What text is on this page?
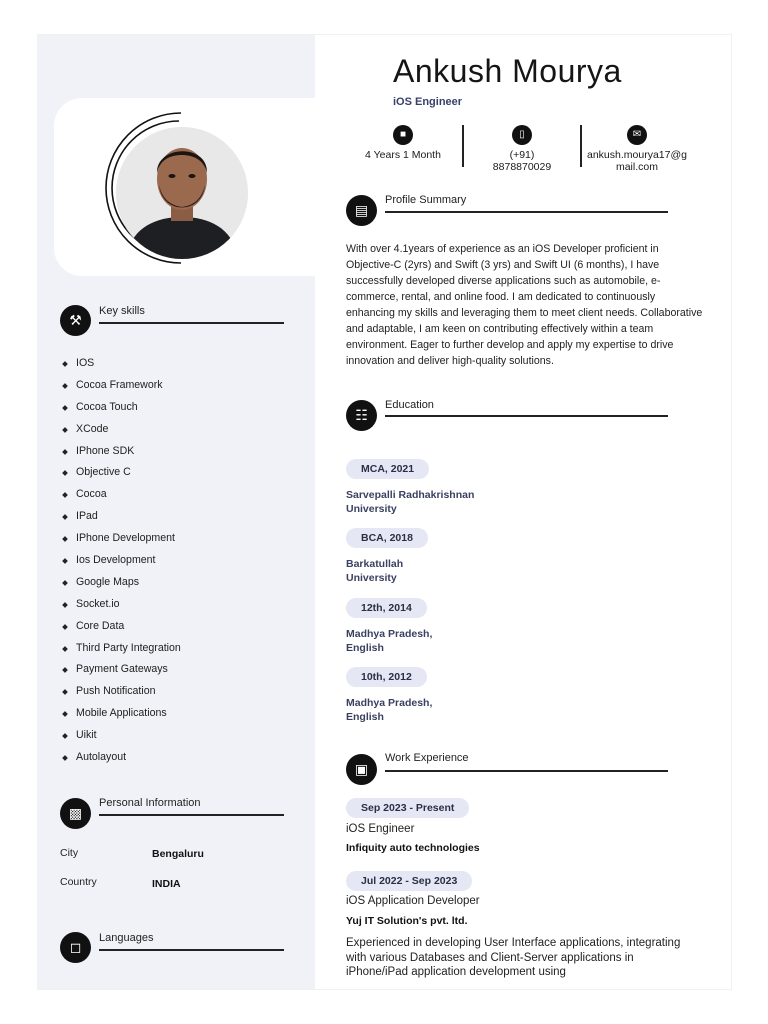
Ankush Mourya
iOS Engineer
■
4 Years 1 Month
▯
(+91)
8878870029
✉
ankush.mourya17@g
mail.com
▤
Profile Summary
With over 4.1years of experience as an iOS Developer proficient in Objective-C (2yrs) and Swift (3 yrs) and Swift UI (6 months), I have successfully developed diverse applications such as automobile, e-commerce, rental, and online food. I am dedicated to continuously enhancing my skills and leveraging them to meet client needs. Collaborative and adaptable, I am keen on contributing effectively within a team environment. Eager to further develop and apply my expertise to drive innovation and deliver high-quality solutions.
☷
Education
MCA, 2021
Sarvepalli Radhakrishnan
University
BCA, 2018
Barkatullah
University
12th, 2014
Madhya Pradesh,
English
10th, 2012
Madhya Pradesh,
English
▣
Work Experience
Sep 2023 - Present
iOS Engineer
Infiquity auto technologies
Jul 2022 - Sep 2023
iOS Application Developer
Yuj IT Solution's pvt. ltd.
Experienced in developing User Interface applications, integrating with various Databases and Client-Server applications in iPhone/iPad application development using
⚒
Key skills
IOS
Cocoa Framework
Cocoa Touch
XCode
IPhone SDK
Objective C
Cocoa
IPad
IPhone Development
Ios Development
Google Maps
Socket.io
Core Data
Third Party Integration
Payment Gateways
Push Notification
Mobile Applications
Uikit
Autolayout
▩
Personal Information
City	Bengaluru
Country	INDIA
◻
Languages
